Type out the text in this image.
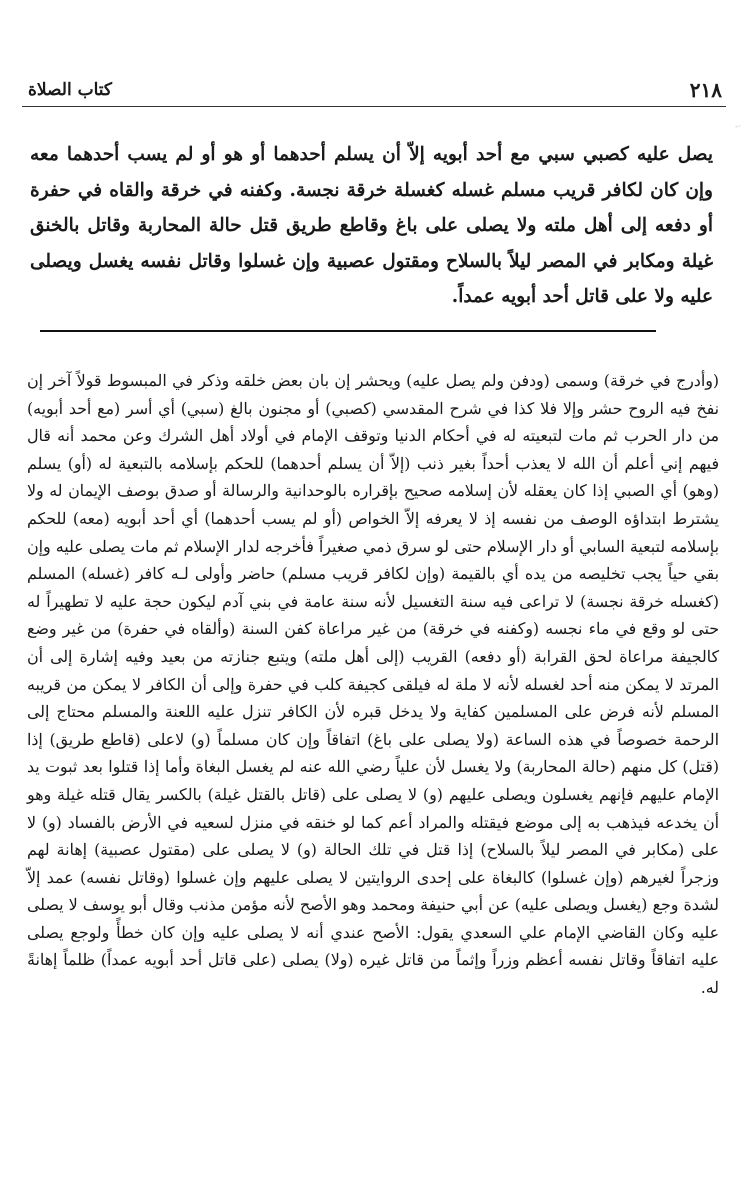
٢١٨
كتاب الصلاة
·-

يصل عليه كصبي سبي مع أحد أبويه إلاّ أن يسلم أحدهما أو هو أو لم يسب أحدهما معه وإن كان لكافر قريب مسلم غسله كغسلة خرقة نجسة. وكفنه في خرقة والقاه في حفرة أو دفعه إلى أهل ملته ولا يصلى على باغ وقاطع طريق قتل حالة المحاربة وقاتل بالخنق غيلة ومكابر في المصر ليلاً بالسلاح ومقتول عصبية وإن غسلوا وقاتل نفسه يغسل ويصلى عليه ولا على قاتل أحد أبويه عمداً.

(وأدرج في خرقة) وسمى (ودفن ولم يصل عليه) ويحشر إن بان بعض خلقه وذكر في المبسوط قولاً آخر إن نفخ فيه الروح حشر وإلا فلا كذا في شرح المقدسي (كصبي) أو مجنون بالغ (سبي) أي أسر (مع أحد أبويه) من دار الحرب ثم مات لتبعيته له في أحكام الدنيا وتوقف الإمام في أولاد أهل الشرك وعن محمد أنه قال فيهم إني أعلم أن الله لا يعذب أحداً بغير ذنب (إلاّ أن يسلم أحدهما) للحكم بإسلامه بالتبعية له (أو) يسلم (وهو) أي الصبي إذا كان يعقله لأن إسلامه صحيح بإقراره بالوحدانية والرسالة أو صدق بوصف الإيمان له ولا يشترط ابتداؤه الوصف من نفسه إذ لا يعرفه إلاّ الخواص (أو لم يسب أحدهما) أي أحد أبويه (معه) للحكم بإسلامه لتبعية السابي أو دار الإسلام حتى لو سرق ذمي صغيراً فأخرجه لدار الإسلام ثم مات يصلى عليه وإن بقي حياً يجب تخليصه من يده أي بالقيمة (وإن لكافر قريب مسلم) حاضر وأولى لـه كافر (غسله) المسلم (كغسله خرقة نجسة) لا تراعى فيه سنة التغسيل لأنه سنة عامة في بني آدم ليكون حجة عليه لا تطهيراً له حتى لو وقع في ماء نجسه (وكفنه في خرقة) من غير مراعاة كفن السنة (وألقاه في حفرة) من غير وضع كالجيفة مراعاة لحق القرابة (أو دفعه) القريب (إلى أهل ملته) ويتبع جنازته من بعيد وفيه إشارة إلى أن المرتد لا يمكن منه أحد لغسله لأنه لا ملة له فيلقى كجيفة كلب في حفرة وإلى أن الكافر لا يمكن من قريبه المسلم لأنه فرض على المسلمين كفاية ولا يدخل قبره لأن الكافر تنزل عليه اللعنة والمسلم محتاج إلى الرحمة خصوصاً في هذه الساعة (ولا يصلى على باغ) اتفاقاً وإن كان مسلماً (و) لاعلى (قاطع طريق) إذا (قتل) كل منهم (حالة المحاربة) ولا يغسل لأن علياً رضي الله عنه لم يغسل البغاة وأما إذا قتلوا بعد ثبوت يد الإمام عليهم فإنهم يغسلون ويصلى عليهم (و) لا يصلى على (قاتل بالقتل غيلة) بالكسر يقال قتله غيلة وهو أن يخدعه فيذهب به إلى موضع فيقتله والمراد أعم كما لو خنقه في منزل لسعيه في الأرض بالفساد (و) لا على (مكابر في المصر ليلاً بالسلاح) إذا قتل في تلك الحالة (و) لا يصلى على (مقتول عصبية) إهانة لهم وزجراً لغيرهم (وإن غسلوا) كالبغاة على إحدى الروايتين لا يصلى عليهم وإن غسلوا (وقاتل نفسه) عمد إلاّ لشدة وجع (يغسل ويصلى عليه) عن أبي حنيفة ومحمد وهو الأصح لأنه مؤمن مذنب وقال أبو يوسف لا يصلى عليه وكان القاضي الإمام علي السعدي يقول: الأصح عندي أنه لا يصلى عليه وإن كان خطأً ولوجع يصلى عليه اتفاقاً وقاتل نفسه أعظم وزراً وإثماً من قاتل غيره (ولا) يصلى (على قاتل أحد أبويه عمداً) ظلماً إهانةً له.
